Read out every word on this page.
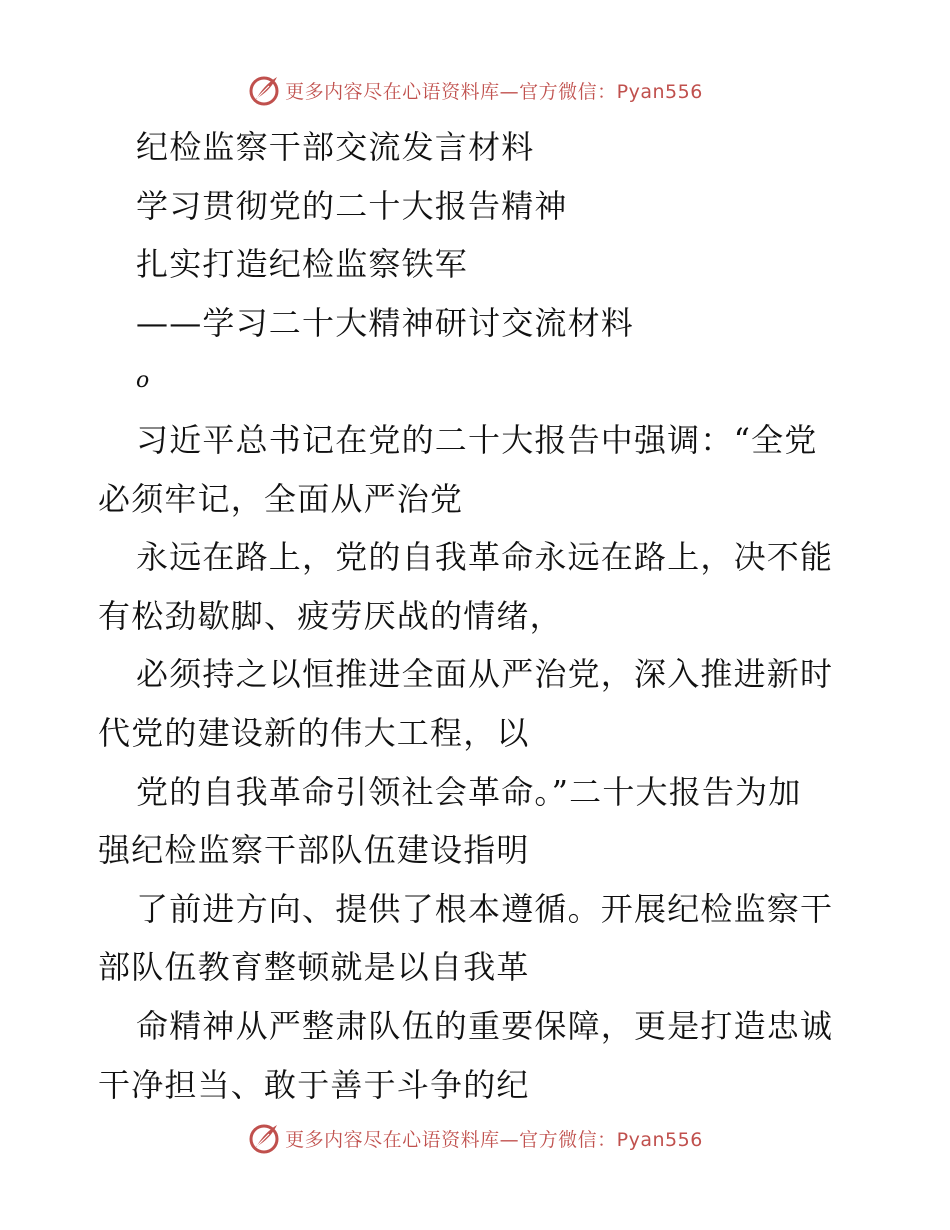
更多内容尽在心语资料库—官方微信：Pyan556
纪检监察干部交流发言材料
学习贯彻党的二十大报告精神
扎实打造纪检监察铁军
——学习二十大精神研讨交流材料
o
习近平总书记在党的二十大报告中强调：“全党
必须牢记，全面从严治党
永远在路上，党的自我革命永远在路上，决不能
有松劲歇脚、疲劳厌战的情绪，
必须持之以恒推进全面从严治党，深入推进新时
代党的建设新的伟大工程，以
党的自我革命引领社会革命。”二十大报告为加
强纪检监察干部队伍建设指明
了前进方向、提供了根本遵循。开展纪检监察干
部队伍教育整顿就是以自我革
命精神从严整肃队伍的重要保障，更是打造忠诚
干净担当、敢于善于斗争的纪
更多内容尽在心语资料库—官方微信：Pyan556
